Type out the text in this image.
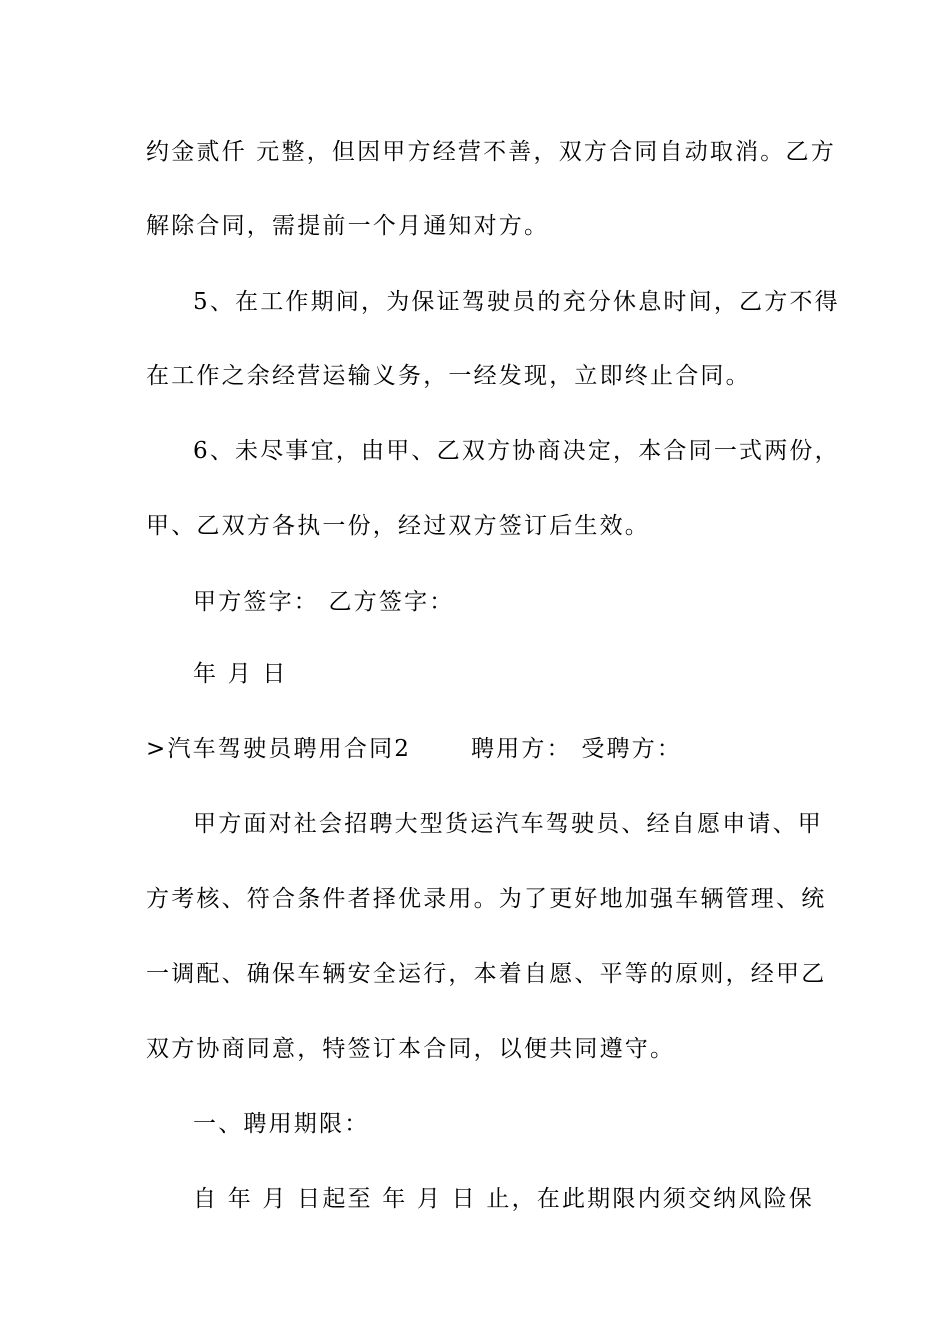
约金贰仟 元整，但因甲方经营不善，双方合同自动取消。乙方
解除合同，需提前一个月通知对方。
5、在工作期间，为保证驾驶员的充分休息时间，乙方不得
在工作之余经营运输义务，一经发现，立即终止合同。
6、未尽事宜，由甲、乙双方协商决定，本合同一式两份，
甲、乙双方各执一份，经过双方签订后生效。
甲方签字： 乙方签字：
年 月 日
>汽车驾驶员聘用合同2　　 聘用方： 受聘方：
甲方面对社会招聘大型货运汽车驾驶员、经自愿申请、甲
方考核、符合条件者择优录用。为了更好地加强车辆管理、统
一调配、确保车辆安全运行，本着自愿、平等的原则，经甲乙
双方协商同意，特签订本合同，以便共同遵守。
一、聘用期限：
自 年 月 日起至 年 月 日 止，在此期限内须交纳风险保
